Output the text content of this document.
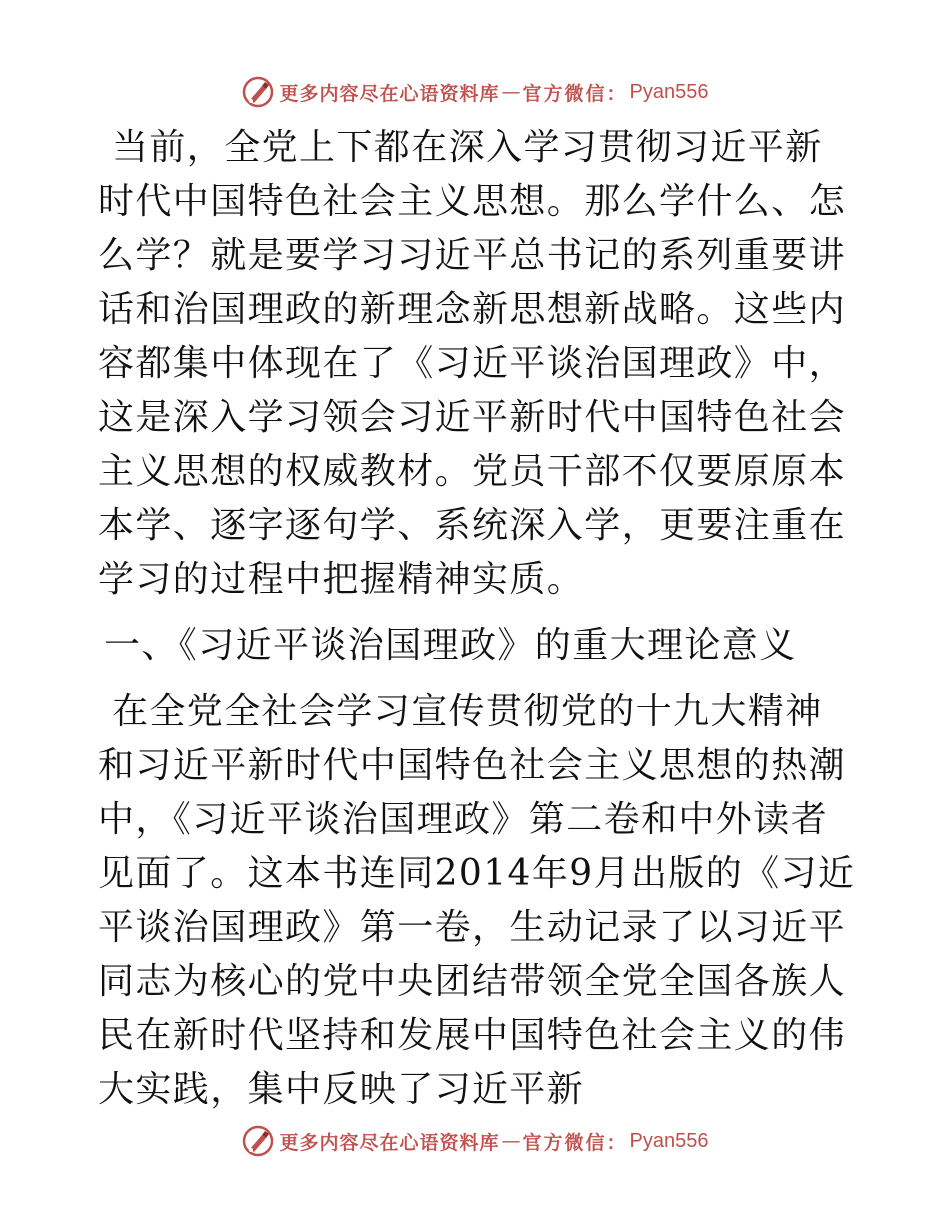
更多内容尽在心语资料库 — 官方微信： Pyan556

当前，全党上下都在深入学习贯彻习近平新时代中国特色社会主义思想。那么学什么、怎么学？就是要学习习近平总书记的系列重要讲话和治国理政的新理念新思想新战略。这些内容都集中体现在了《习近平谈治国理政》中，这是深入学习领会习近平新时代中国特色社会主义思想的权威教材。党员干部不仅要原原本本学、逐字逐句学、系统深入学，更要注重在学习的过程中把握精神实质。

一、《习近平谈治国理政》的重大理论意义

在全党全社会学习宣传贯彻党的十九大精神和习近平新时代中国特色社会主义思想的热潮中，《习近平谈治国理政》第二卷和中外读者见面了。这本书连同2014年9月出版的《习近平谈治国理政》第一卷，生动记录了以习近平同志为核心的党中央团结带领全党全国各族人民在新时代坚持和发展中国特色社会主义的伟大实践，集中反映了习近平新

更多内容尽在心语资料库 — 官方微信： Pyan556
